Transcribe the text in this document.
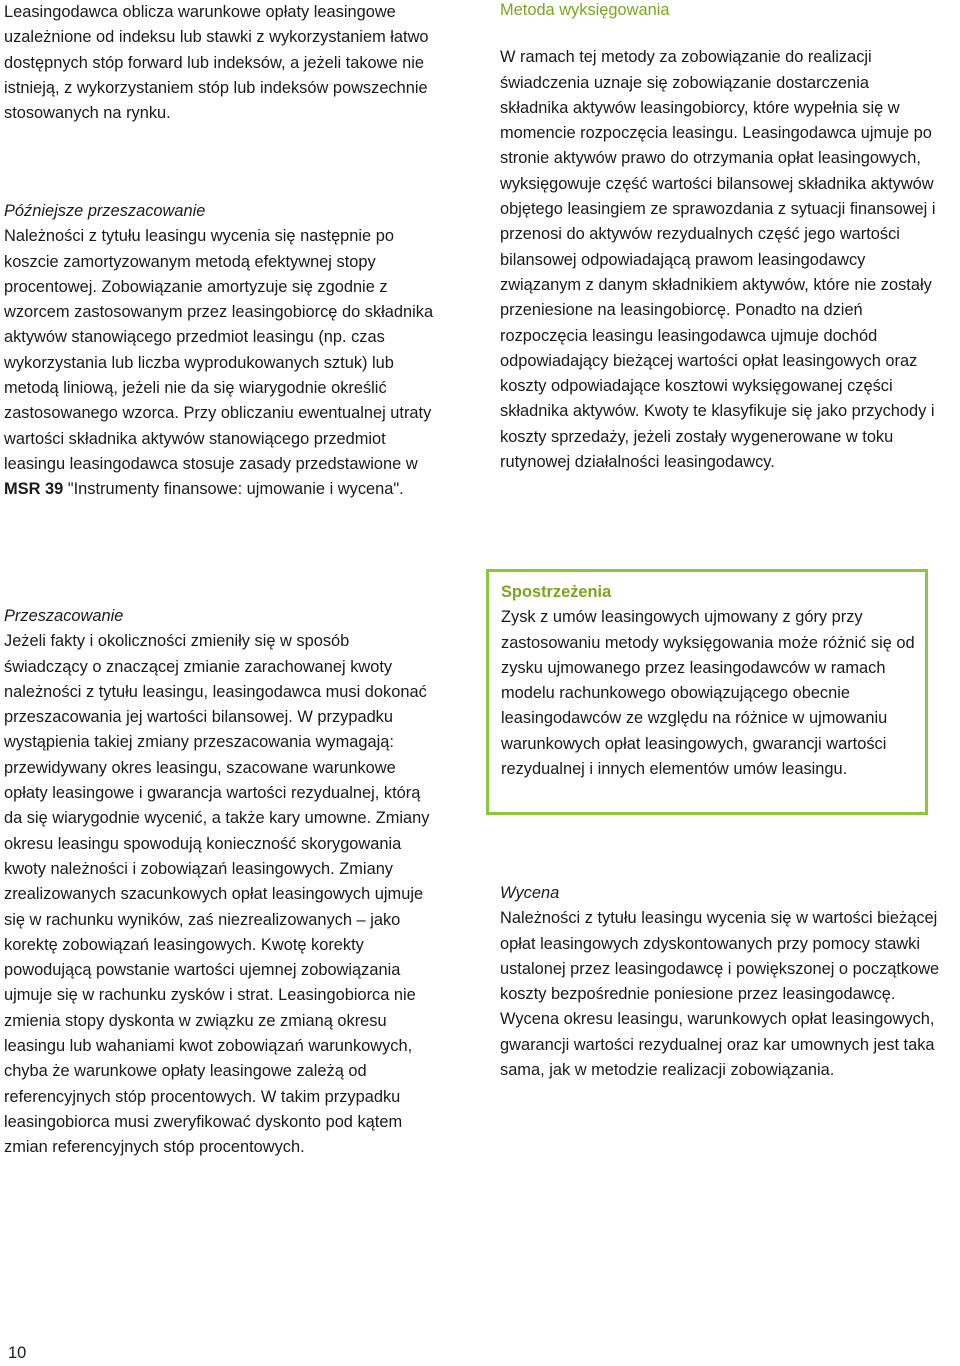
Leasingodawca oblicza warunkowe opłaty leasingowe uzależnione od indeksu lub stawki z wykorzystaniem łatwo dostępnych stóp forward lub indeksów, a jeżeli takowe nie istnieją, z wykorzystaniem stóp lub indeksów powszechnie stosowanych na rynku.

Późniejsze przeszacowanie

Należności z tytułu leasingu wycenia się następnie po koszcie zamortyzowanym metodą efektywnej stopy procentowej. Zobowiązanie amortyzuje się zgodnie z wzorcem zastosowanym przez leasingobiorcę do składnika aktywów stanowiącego przedmiot leasingu (np. czas wykorzystania lub liczba wyprodukowanych sztuk) lub metodą liniową, jeżeli nie da się wiarygodnie określić zastosowanego wzorca. Przy obliczaniu ewentualnej utraty wartości składnika aktywów stanowiącego przedmiot leasingu leasingodawca stosuje zasady przedstawione w MSR 39 "Instrumenty finansowe: ujmowanie i wycena".

Przeszacowanie

Jeżeli fakty i okoliczności zmieniły się w sposób świadczący o znaczącej zmianie zarachowanej kwoty należności z tytułu leasingu, leasingodawca musi dokonać przeszacowania jej wartości bilansowej. W przypadku wystąpienia takiej zmiany przeszacowania wymagają: przewidywany okres leasingu, szacowane warunkowe opłaty leasingowe i gwarancja wartości rezydualnej, którą da się wiarygodnie wycenić, a także kary umowne. Zmiany okresu leasingu spowodują konieczność skorygowania kwoty należności i zobowiązań leasingowych. Zmiany zrealizowanych szacunkowych opłat leasingowych ujmuje się w rachunku wyników, zaś niezrealizowanych – jako korektę zobowiązań leasingowych. Kwotę korekty powodującą powstanie wartości ujemnej zobowiązania ujmuje się w rachunku zysków i strat. Leasingobiorca nie zmienia stopy dyskonta w związku ze zmianą okresu leasingu lub wahaniami kwot zobowiązań warunkowych, chyba że warunkowe opłaty leasingowe zależą od referencyjnych stóp procentowych. W takim przypadku leasingobiorca musi zweryfikować dyskonto pod kątem zmian referencyjnych stóp procentowych.

Metoda wyksięgowania

W ramach tej metody za zobowiązanie do realizacji świadczenia uznaje się zobowiązanie dostarczenia składnika aktywów leasingobiorcy, które wypełnia się w momencie rozpoczęcia leasingu. Leasingodawca ujmuje po stronie aktywów prawo do otrzymania opłat leasingowych, wyksięgowuje część wartości bilansowej składnika aktywów objętego leasingiem ze sprawozdania z sytuacji finansowej i przenosi do aktywów rezydualnych część jego wartości bilansowej odpowiadającą prawom leasingodawcy związanym z danym składnikiem aktywów, które nie zostały przeniesione na leasingobiorcę. Ponadto na dzień rozpoczęcia leasingu leasingodawca ujmuje dochód odpowiadający bieżącej wartości opłat leasingowych oraz koszty odpowiadające kosztowi wyksięgowanej części składnika aktywów. Kwoty te klasyfikuje się jako przychody i koszty sprzedaży, jeżeli zostały wygenerowane w toku rutynowej działalności leasingodawcy.

Spostrzeżenia

Zysk z umów leasingowych ujmowany z góry przy zastosowaniu metody wyksięgowania może różnić się od zysku ujmowanego przez leasingodawców w ramach modelu rachunkowego obowiązującego obecnie leasingodawców ze względu na różnice w ujmowaniu warunkowych opłat leasingowych, gwarancji wartości rezydualnej i innych elementów umów leasingu.

Wycena

Należności z tytułu leasingu wycenia się w wartości bieżącej opłat leasingowych zdyskontowanych przy pomocy stawki ustalonej przez leasingodawcę i powiększonej o początkowe koszty bezpośrednie poniesione przez leasingodawcę. Wycena okresu leasingu, warunkowych opłat leasingowych, gwarancji wartości rezydualnej oraz kar umownych jest taka sama, jak w metodzie realizacji zobowiązania.

10
